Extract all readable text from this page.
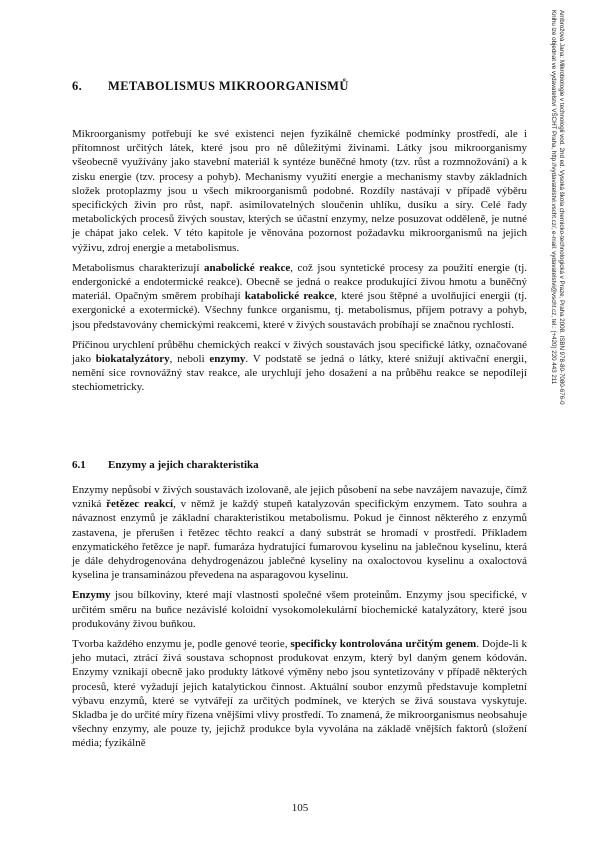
6. METABOLISMUS MIKROORGANISMŮ

Mikroorganismy potřebují ke své existenci nejen fyzikálně chemické podmínky prostředí, ale i přítomnost určitých látek, které jsou pro ně důležitými živinami. Látky jsou mikroorganismy všeobecně využívány jako stavební materiál k syntéze buněčné hmoty (tzv. růst a rozmnožování) a k zisku energie (tzv. procesy a pohyb). Mechanismy využití energie a mechanismy stavby základních složek protoplazmy jsou u všech mikroorganismů podobné. Rozdíly nastávají v případě výběru specifických živin pro růst, např. asimilovatelných sloučenin uhlíku, dusíku a síry. Celé řady metabolických procesů živých soustav, kterých se účastní enzymy, nelze posuzovat odděleně, je nutné je chápat jako celek. V této kapitole je věnována pozornost požadavku mikroorganismů na jejich výživu, zdroj energie a metabolismus.

Metabolismus charakterizují anabolické reakce, což jsou syntetické procesy za použití energie (tj. endergonické a endotermické reakce). Obecně se jedná o reakce produkující živou hmotu a buněčný materiál. Opačným směrem probíhají katabolické reakce, které jsou štěpné a uvolňující energii (tj. exergonické a exotermické). Všechny funkce organismu, tj. metabolismus, příjem potravy a pohyb, jsou představovány chemickými reakcemi, které v živých soustavách probíhají se značnou rychlostí.

Příčinou urychlení průběhu chemických reakcí v živých soustavách jsou specifické látky, označované jako biokatalyzátory, neboli enzymy. V podstatě se jedná o látky, které snižují aktivační energii, nemění sice rovnovážný stav reakce, ale urychlují jeho dosažení a na průběhu reakce se nepodílejí stechiometricky.

6.1 Enzymy a jejich charakteristika

Enzymy nepůsobí v živých soustavách izolovaně, ale jejich působení na sebe navzájem navazuje, čímž vzniká řetězec reakcí, v němž je každý stupeň katalyzován specifickým enzymem. Tato souhra a návaznost enzymů je základní charakteristikou metabolismu. Pokud je činnost některého z enzymů zastavena, je přerušen i řetězec těchto reakcí a daný substrát se hromadí v prostředí. Příkladem enzymatického řetězce je např. fumaráza hydratující fumarovou kyselinu na jablečnou kyselinu, která je dále dehydrogenována dehydrogenázou jablečné kyseliny na oxaloctovou kyselinu a oxaloctová kyselina je transaminázou převedena na asparagovou kyselinu.

Enzymy jsou bílkoviny, které mají vlastnosti společné všem proteinům. Enzymy jsou specifické, v určitém směru na buňce nezávislé koloidní vysokomolekulární biochemické katalyzátory, které jsou produkovány živou buňkou.

Tvorba každého enzymu je, podle genové teorie, specificky kontrolována určitým genem. Dojde-li k jeho mutaci, ztrácí živá soustava schopnost produkovat enzym, který byl daným genem kódován. Enzymy vznikají obecně jako produkty látkové výměny nebo jsou syntetizovány v případě některých procesů, které vyžadují jejich katalytickou činnost. Aktuální soubor enzymů představuje kompletní výbavu enzymů, které se vytvářejí za určitých podmínek, ve kterých se živá soustava vyskytuje. Skladba je do určité míry řízena vnějšími vlivy prostředí. To znamená, že mikroorganismus neobsahuje všechny enzymy, ale pouze ty, jejichž produkce byla vyvolána na základě vnějších faktorů (složení média; fyzikálně

105
Ambrožová Jana: Mikrobiologie v technologii vod. 2nd ed. Vysoká škola chemicko-technologická v Praze, Praha 2008. ISBN 978-80-7080-676-0
Knihu lze objednat ve vydavatelství VŠCHT Praha, http://vydavatelstvi.vscht.cz/, e-mail: vydavatelstvi@vscht.cz, tel.: (+420) 220 443 211
